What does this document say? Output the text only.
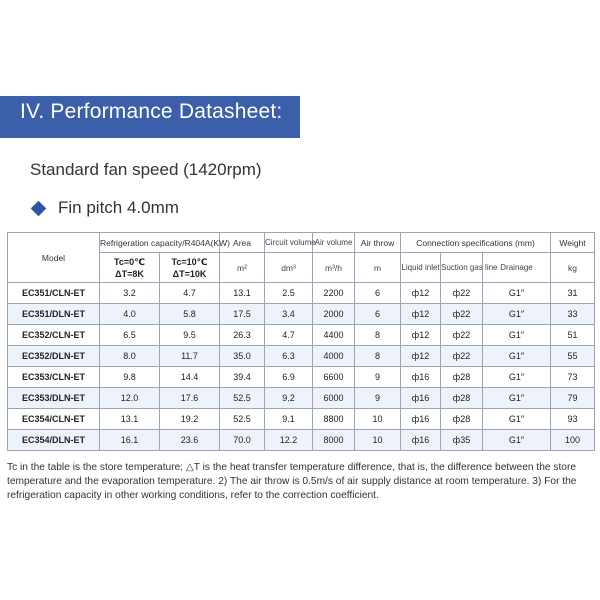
IV. Performance Datasheet:
Standard fan speed (1420rpm)
Fin pitch 4.0mm
Model	Refrigeration capacity/R404A(KW)		Area	Circuit volume	Air volume	Air throw	Connection specifications (mm)			Weight
	Tc=0℃ ΔT=8K	Tc=10℃ ΔT=10K	m²	dm³	m³/h	m	Liquid inlet	Suction gas line	Drainage	kg
EC351/CLN-ET	3.2	4.7	13.1	2.5	2200	6	ф12	ф22	G1″	31
EC351/DLN-ET	4.0	5.8	17.5	3.4	2000	6	ф12	ф22	G1″	33
EC352/CLN-ET	6.5	9.5	26.3	4.7	4400	8	ф12	ф22	G1″	51
EC352/DLN-ET	8.0	11.7	35.0	6.3	4000	8	ф12	ф22	G1″	55
EC353/CLN-ET	9.8	14.4	39.4	6.9	6600	9	ф16	ф28	G1″	73
EC353/DLN-ET	12.0	17.6	52.5	9.2	6000	9	ф16	ф28	G1″	79
EC354/CLN-ET	13.1	19.2	52.5	9.1	8800	10	ф16	ф28	G1″	93
EC354/DLN-ET	16.1	23.6	70.0	12.2	8000	10	ф16	ф35	G1″	100
Tc in the table is the store temperature; △T is the heat transfer temperature difference, that is, the difference between the store temperature and the evaporation temperature. 2) The air throw is 0.5m/s of air supply distance at room temperature. 3) For the refrigeration capacity in other working conditions, refer to the correction coefficient.
